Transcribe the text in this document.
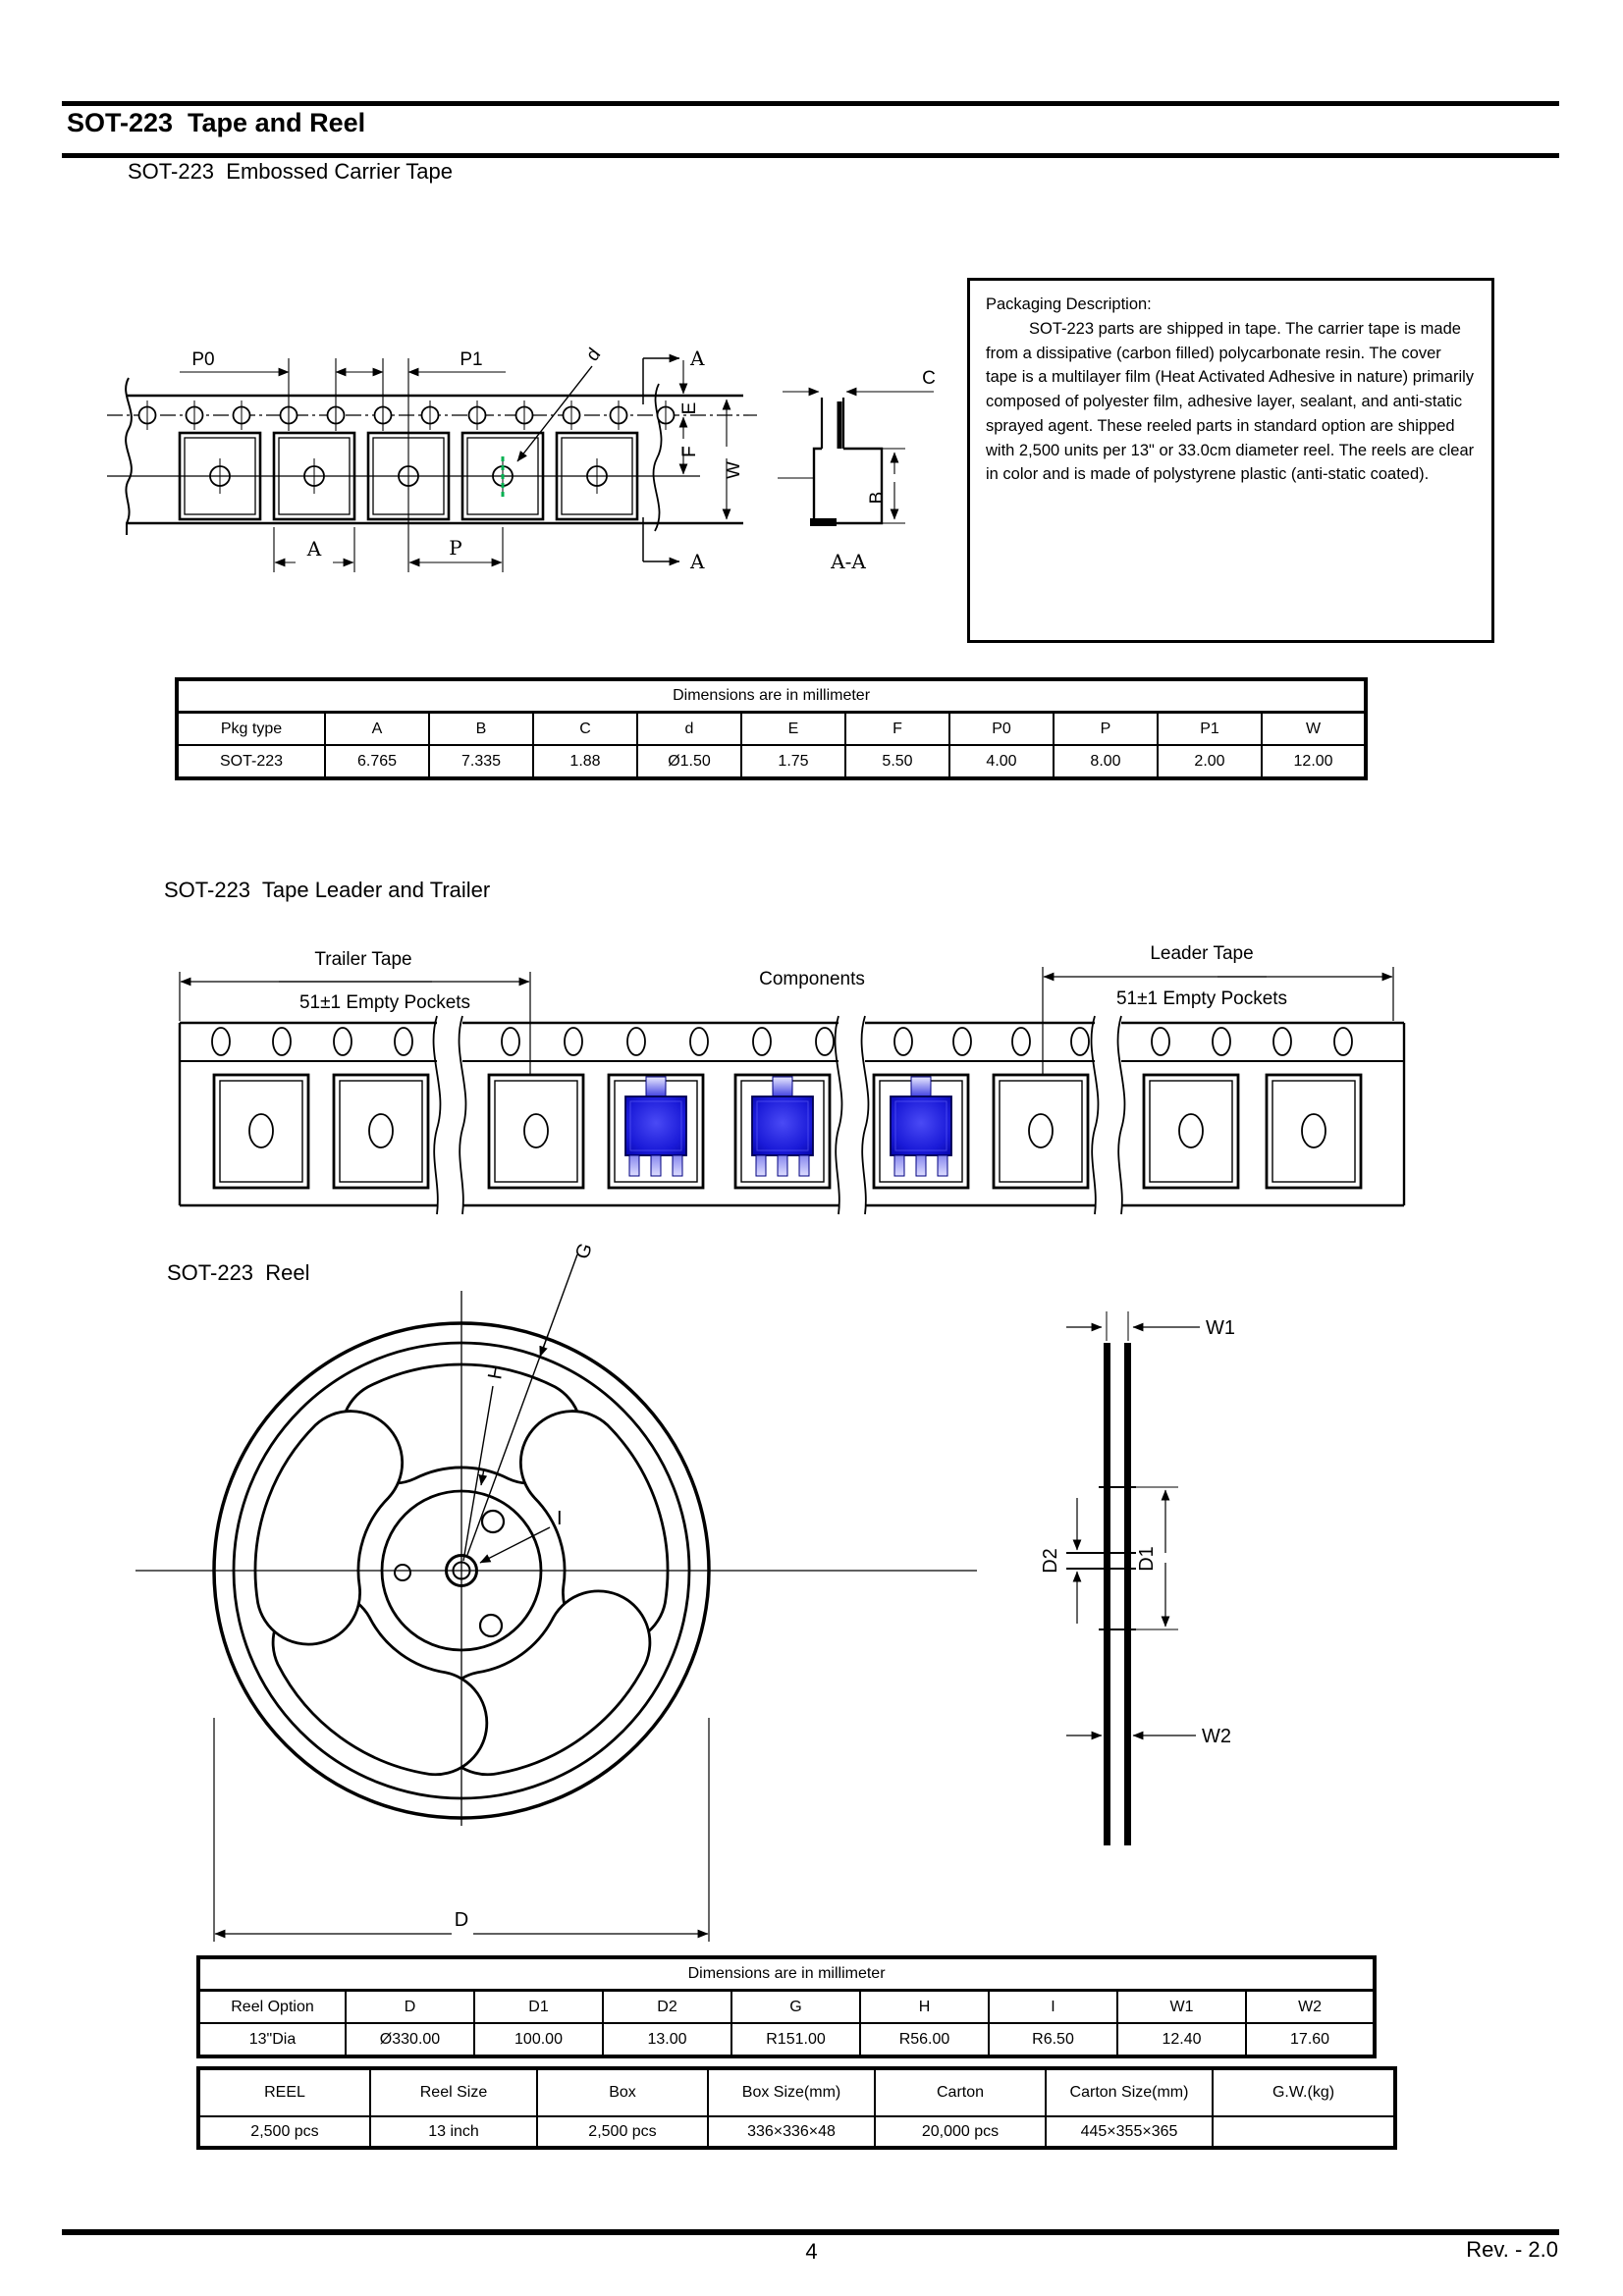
SOT-223  Tape and Reel
SOT-223  Embossed Carrier Tape
P0	P1	d	A
A
E
F
W
A	P
C
B
A-A
Packaging Description:

SOT-223 parts are shipped in tape. The carrier tape is made from a dissipative (carbon filled) polycarbonate resin. The cover tape is a multilayer film (Heat Activated Adhesive in nature) primarily composed of polyester film, adhesive layer, sealant, and anti-static sprayed agent. These reeled parts in standard option are shipped with 2,500 units per 13" or 33.0cm diameter reel. The reels are clear in color and is made of polystyrene plastic (anti-static coated).

Dimensions are in millimeter										
Pkg type	A	B	C	d	E	F	P0	P	P1	W
SOT-223	6.765	7.335	1.88	Ø1.50	1.75	5.50	4.00	8.00	2.00	12.00
SOT-223  Tape Leader and Trailer
Trailer Tape
51±1 Empty Pockets
Components
Leader Tape
51±1 Empty Pockets
SOT-223  Reel
G
H
I
D
W1
W2
D1
D2
Dimensions are in millimeter								
Reel Option	D	D1	D2	G	H	I	W1	W2
13"Dia	Ø330.00	100.00	13.00	R151.00	R56.00	R6.50	12.40	17.60
REEL	Reel Size	Box	Box Size(mm)	Carton	Carton Size(mm)	G.W.(kg)
2,500 pcs	13 inch	2,500 pcs	336×336×48	20,000 pcs	445×355×365	
4	Rev. - 2.0
